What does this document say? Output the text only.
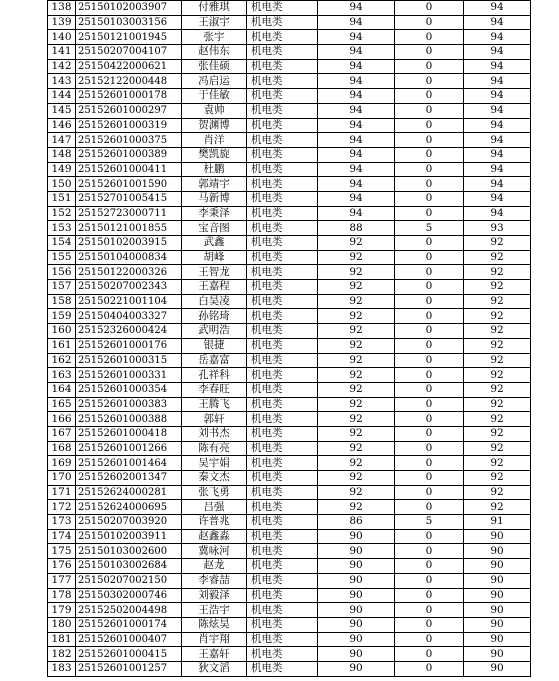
138	25150102003907	付雅琪	机电类	94	0	94
139	25150103003156	王淑宇	机电类	94	0	94
140	25150121001945	张宇	机电类	94	0	94
141	25150207004107	赵伟东	机电类	94	0	94
142	25150422000621	张佳硕	机电类	94	0	94
143	25152122000448	冯启运	机电类	94	0	94
144	25152601000178	于佳敏	机电类	94	0	94
145	25152601000297	袁帅	机电类	94	0	94
146	25152601000319	贺渊博	机电类	94	0	94
147	25152601000375	肖洋	机电类	94	0	94
148	25152601000389	樊凯旋	机电类	94	0	94
149	25152601000411	杜鹏	机电类	94	0	94
150	25152601001590	郭靖宇	机电类	94	0	94
151	25152701005415	马新博	机电类	94	0	94
152	25152723000711	李秉泽	机电类	94	0	94
153	25150121001855	宝音图	机电类	88	5	93
154	25150102003915	武鑫	机电类	92	0	92
155	25150104000834	胡峰	机电类	92	0	92
156	25150122000326	王智龙	机电类	92	0	92
157	25150207002343	王嘉程	机电类	92	0	92
158	25150221001104	白昊凌	机电类	92	0	92
159	25150404003327	孙铭琦	机电类	92	0	92
160	25152326000424	武明浩	机电类	92	0	92
161	25152601000176	银捷	机电类	92	0	92
162	25152601000315	岳嘉富	机电类	92	0	92
163	25152601000331	孔祥科	机电类	92	0	92
164	25152601000354	李春旺	机电类	92	0	92
165	25152601000383	王腾飞	机电类	92	0	92
166	25152601000388	郭轩	机电类	92	0	92
167	25152601000418	刘书杰	机电类	92	0	92
168	25152601001266	陈有亮	机电类	92	0	92
169	25152601001464	吴宇娟	机电类	92	0	92
170	25152602001347	秦文杰	机电类	92	0	92
171	25152624000281	张飞勇	机电类	92	0	92
172	25152624000695	吕强	机电类	92	0	92
173	25150207003920	许普兆	机电类	86	5	91
174	25150102003911	赵鑫淼	机电类	90	0	90
175	25150103002600	冀咏河	机电类	90	0	90
176	25150103002684	赵龙	机电类	90	0	90
177	25150207002150	李睿喆	机电类	90	0	90
178	25150302000746	刘毅泽	机电类	90	0	90
179	25152502004498	王浩宇	机电类	90	0	90
180	25152601000174	陈炫昊	机电类	90	0	90
181	25152601000407	肖宇翔	机电类	90	0	90
182	25152601000415	王嘉轩	机电类	90	0	90
183	25152601001257	狄文滔	机电类	90	0	90
